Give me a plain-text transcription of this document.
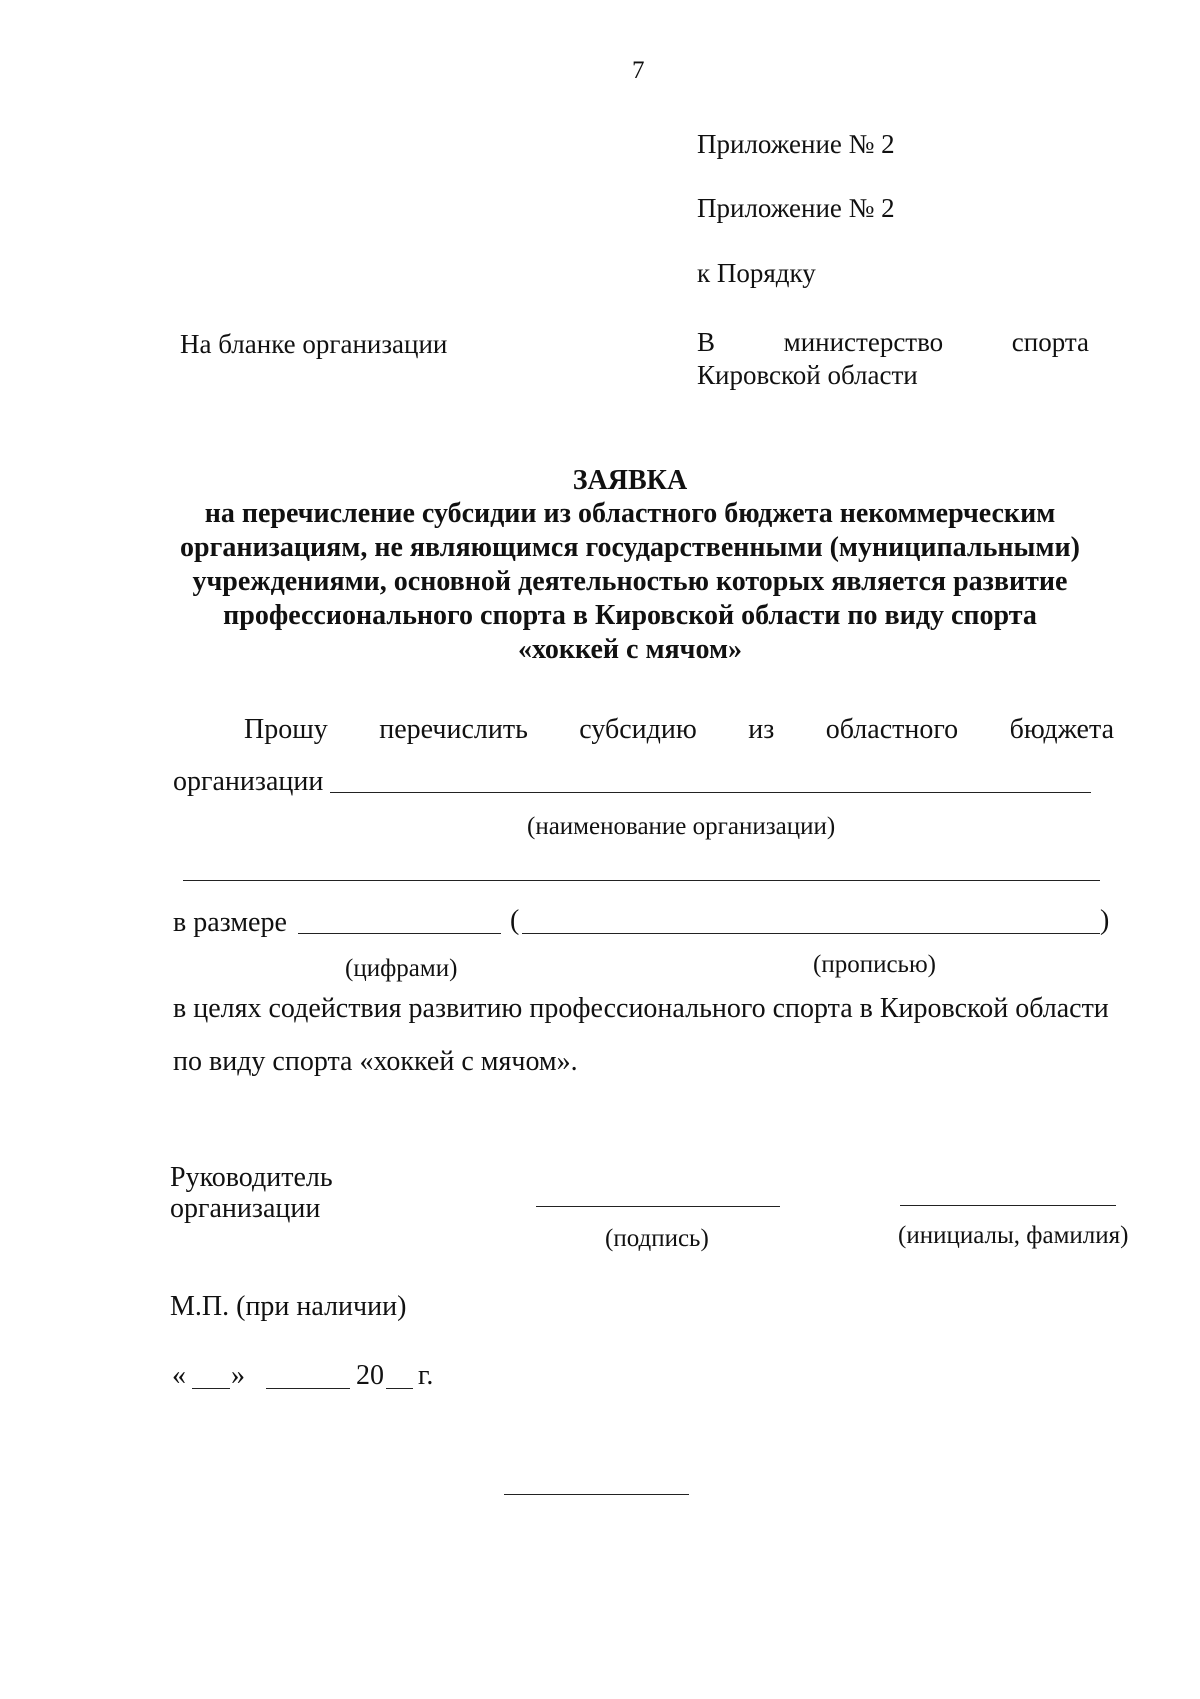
7
Приложение № 2
Приложение № 2
к Порядку
На бланке организации	В	министерство	спорта
Кировской области
ЗАЯВКА
на перечисление субсидии из областного бюджета некоммерческим
организациям, не являющимся государственными (муниципальными)
учреждениями, основной деятельностью которых является развитие
профессионального спорта в Кировской области по виду спорта
«хоккей с мячом»
Прошу перечислить субсидию из областного бюджета
организации
(наименование организации)
в размере	(	)
(цифрами)	(прописью)
в целях содействия развитию профессионального спорта в Кировской области
по виду спорта «хоккей с мячом».
Руководитель
организации
(подпись)	(инициалы, фамилия)
М.П. (при наличии)
« »	20 г.
